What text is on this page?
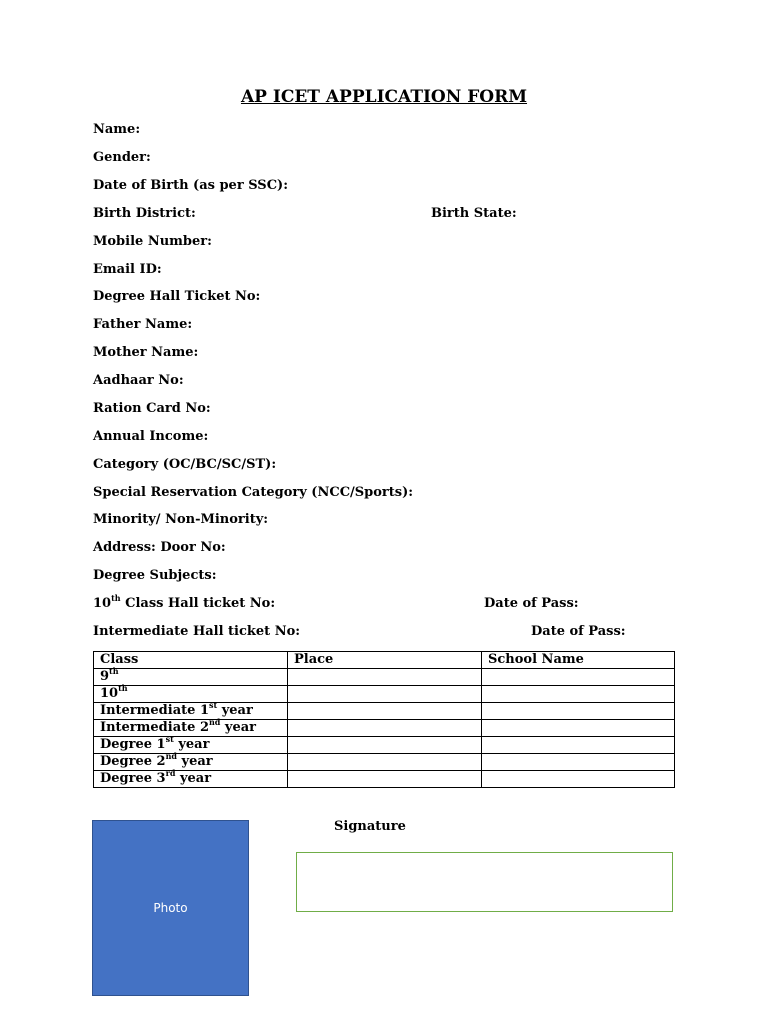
AP ICET APPLICATION FORM
Name:
Gender:
Date of Birth (as per SSC):
Birth District:	Birth State:
Mobile Number:
Email ID:
Degree Hall Ticket No:
Father Name:
Mother Name:
Aadhaar No:
Ration Card No:
Annual Income:
Category (OC/BC/SC/ST):
Special Reservation Category (NCC/Sports):
Minority/ Non-Minority:
Address: Door No:
Degree Subjects:
10th Class Hall ticket No:	Date of Pass:
Intermediate Hall ticket No:	Date of Pass:
Class	Place	School Name
9th		
10th		
Intermediate 1st year		
Intermediate 2nd year		
Degree 1st year		
Degree 2nd year		
Degree 3rd year		
Photo
Signature
